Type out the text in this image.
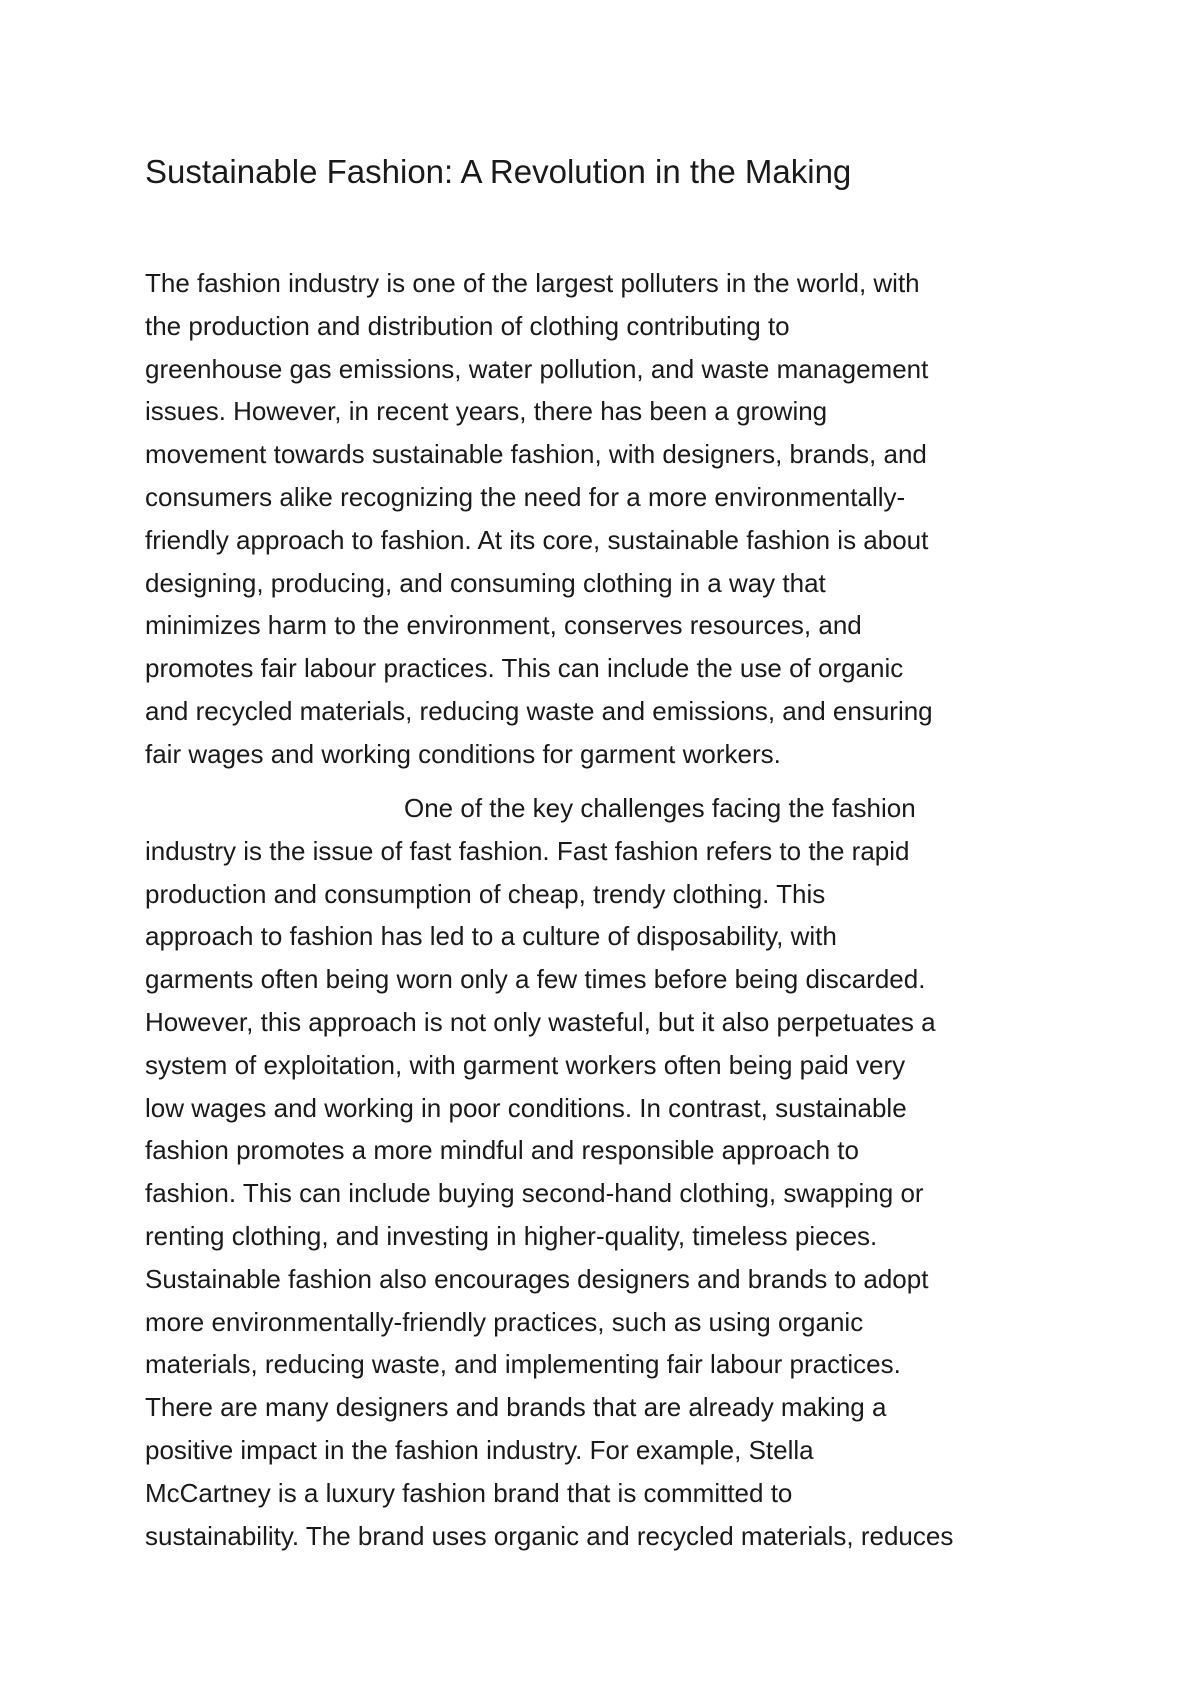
Sustainable Fashion: A Revolution in the Making
The fashion industry is one of the largest polluters in the world, with
the production and distribution of clothing contributing to
greenhouse gas emissions, water pollution, and waste management
issues. However, in recent years, there has been a growing
movement towards sustainable fashion, with designers, brands, and
consumers alike recognizing the need for a more environmentally-
friendly approach to fashion. At its core, sustainable fashion is about
designing, producing, and consuming clothing in a way that
minimizes harm to the environment, conserves resources, and
promotes fair labour practices. This can include the use of organic
and recycled materials, reducing waste and emissions, and ensuring
fair wages and working conditions for garment workers.
One of the key challenges facing the fashion
industry is the issue of fast fashion. Fast fashion refers to the rapid
production and consumption of cheap, trendy clothing. This
approach to fashion has led to a culture of disposability, with
garments often being worn only a few times before being discarded.
However, this approach is not only wasteful, but it also perpetuates a
system of exploitation, with garment workers often being paid very
low wages and working in poor conditions. In contrast, sustainable
fashion promotes a more mindful and responsible approach to
fashion. This can include buying second-hand clothing, swapping or
renting clothing, and investing in higher-quality, timeless pieces.
Sustainable fashion also encourages designers and brands to adopt
more environmentally-friendly practices, such as using organic
materials, reducing waste, and implementing fair labour practices.
There are many designers and brands that are already making a
positive impact in the fashion industry. For example, Stella
McCartney is a luxury fashion brand that is committed to
sustainability. The brand uses organic and recycled materials, reduces
